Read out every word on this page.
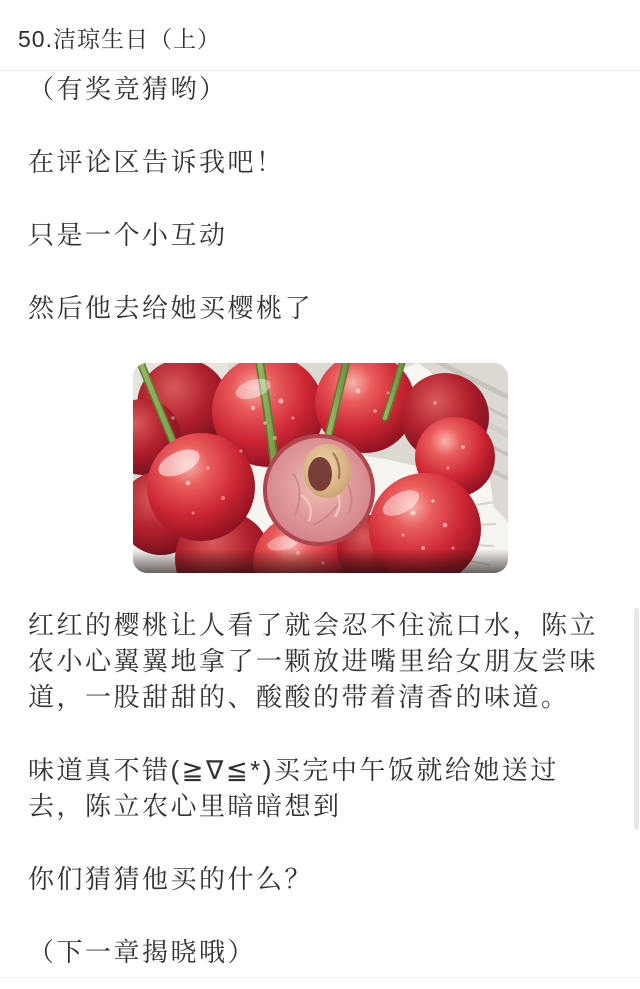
50.洁琼生日（上）

（有奖竞猜哟）

在评论区告诉我吧！

只是一个小互动

然后他去给她买樱桃了

红红的樱桃让人看了就会忍不住流口水，陈立农小心翼翼地拿了一颗放进嘴里给女朋友尝味道，一股甜甜的、酸酸的带着清香的味道。

味道真不错(≧∇≦*)买完中午饭就给她送过去，陈立农心里暗暗想到

你们猜猜他买的什么？

（下一章揭晓哦）
